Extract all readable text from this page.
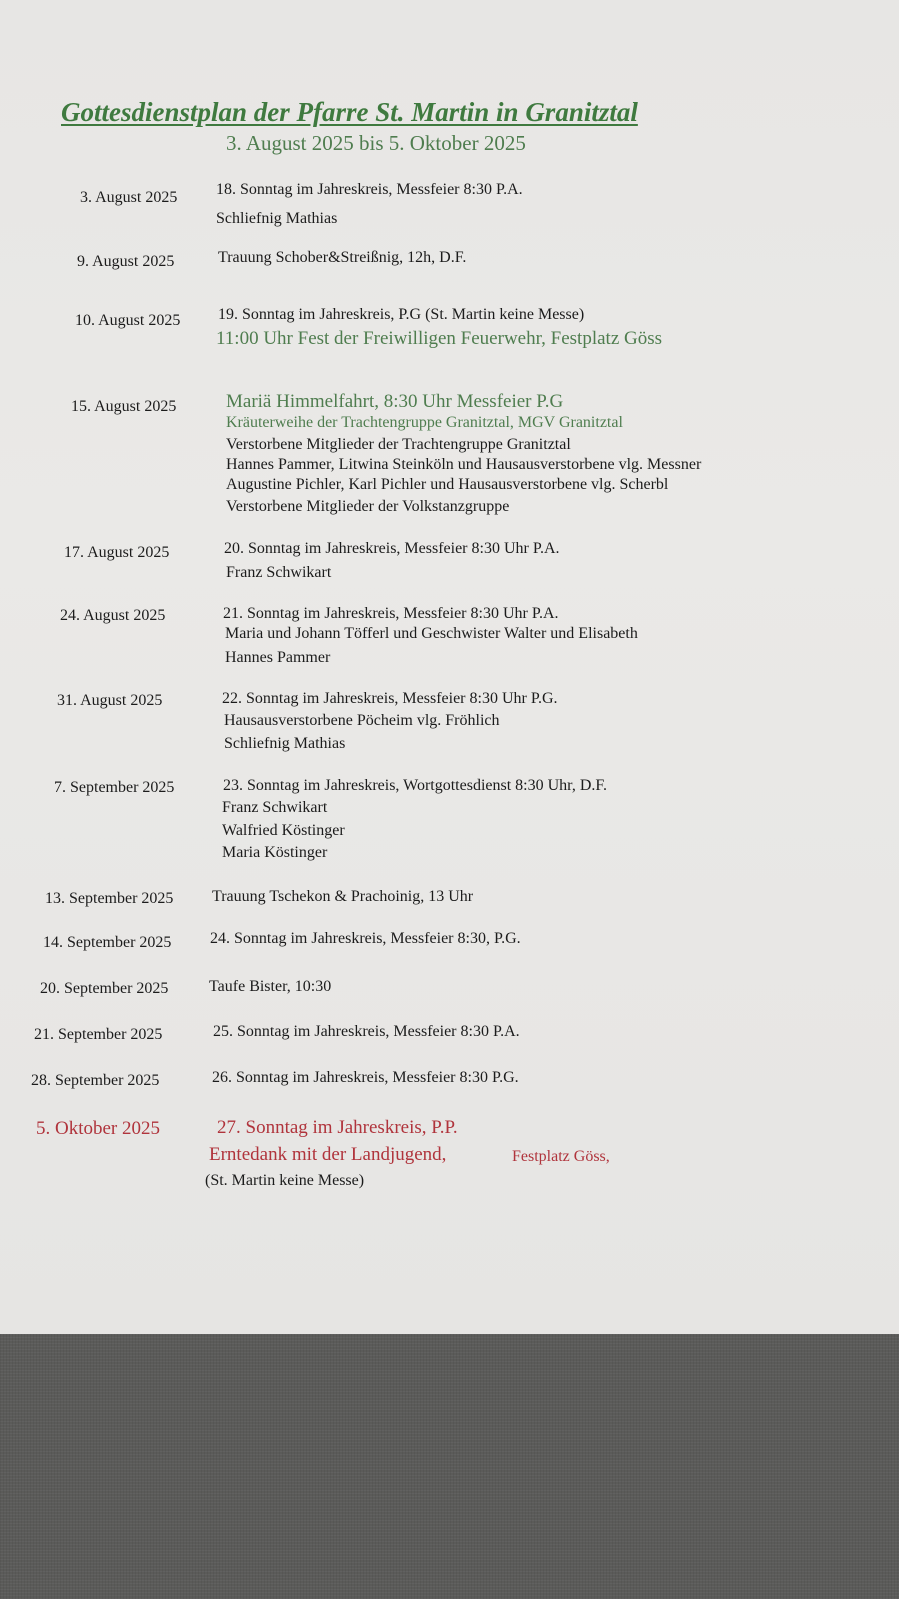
Gottesdienstplan der Pfarre St. Martin in Granitztal
3. August 2025 bis 5. Oktober 2025
3. August 2025 18. Sonntag im Jahreskreis, Messfeier 8:30 P.A.
Schliefnig Mathias
9. August 2025	Trauung Schober&Streißnig, 12h, D.F.
10. August 2025 19. Sonntag im Jahreskreis, P.G (St. Martin keine Messe)
11:00 Uhr Fest der Freiwilligen Feuerwehr, Festplatz Göss
15. August 2025	Mariä Himmelfahrt, 8:30 Uhr Messfeier P.G
Kräuterweihe der Trachtengruppe Granitztal, MGV Granitztal
Verstorbene Mitglieder der Trachtengruppe Granitztal
Hannes Pammer, Litwina Steinköln und Hausausverstorbene vlg. Messner
Augustine Pichler, Karl Pichler und Hausausverstorbene vlg. Scherbl
Verstorbene Mitglieder der Volkstanzgruppe
17. August 2025	20. Sonntag im Jahreskreis, Messfeier 8:30 Uhr P.A.
Franz Schwikart
24. August 2025	21. Sonntag im Jahreskreis, Messfeier 8:30 Uhr P.A.
Maria und Johann Töfferl und Geschwister Walter und Elisabeth
Hannes Pammer
31. August 2025	22. Sonntag im Jahreskreis, Messfeier 8:30 Uhr P.G.
Hausausverstorbene Pöcheim vlg. Fröhlich
Schliefnig Mathias
7. September 2025	23. Sonntag im Jahreskreis, Wortgottesdienst 8:30 Uhr, D.F.
Franz Schwikart
Walfried Köstinger
Maria Köstinger
13. September 2025 Trauung Tschekon & Prachoinig, 13 Uhr
14. September 2025 24. Sonntag im Jahreskreis, Messfeier 8:30, P.G.
20. September 2025	Taufe Bister, 10:30
21. September 2025	25. Sonntag im Jahreskreis, Messfeier 8:30 P.A.
28. September 2025	26. Sonntag im Jahreskreis, Messfeier 8:30 P.G.
5. Oktober 2025	27. Sonntag im Jahreskreis, P.P.
Erntedank mit der Landjugend,	Festplatz Göss,
(St. Martin keine Messe)
